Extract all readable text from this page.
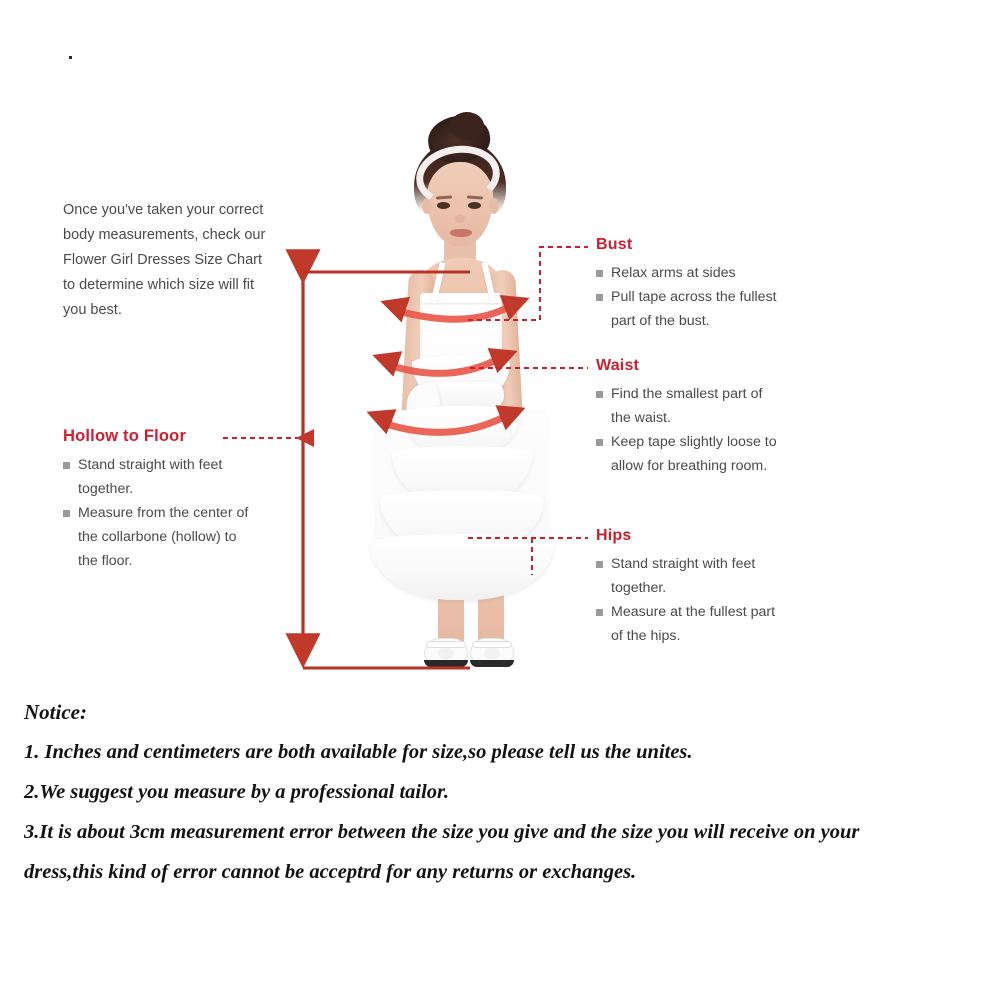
Once you've taken your correct body measurements, check our Flower Girl Dresses Size Chart to determine which size will fit you best.
Bust
Relax arms at sides
Pull tape across the fullest
part of the bust.
Waist
Find the smallest part of
the waist.
Keep tape slightly loose to
allow for breathing room.
Hips
Stand straight with feet
together.
Measure at the fullest part
of the hips.
Hollow to Floor
Stand straight with feet
together.
Measure from the center of
the collarbone (hollow) to
the floor.
Notice:
1. Inches and centimeters are both available for size,so please tell us the unites.
2.We suggest you measure by a professional tailor.
3.It is about 3cm measurement error between the size you give and the size you will receive on your
dress,this kind of error cannot be acceptrd for any returns or exchanges.
